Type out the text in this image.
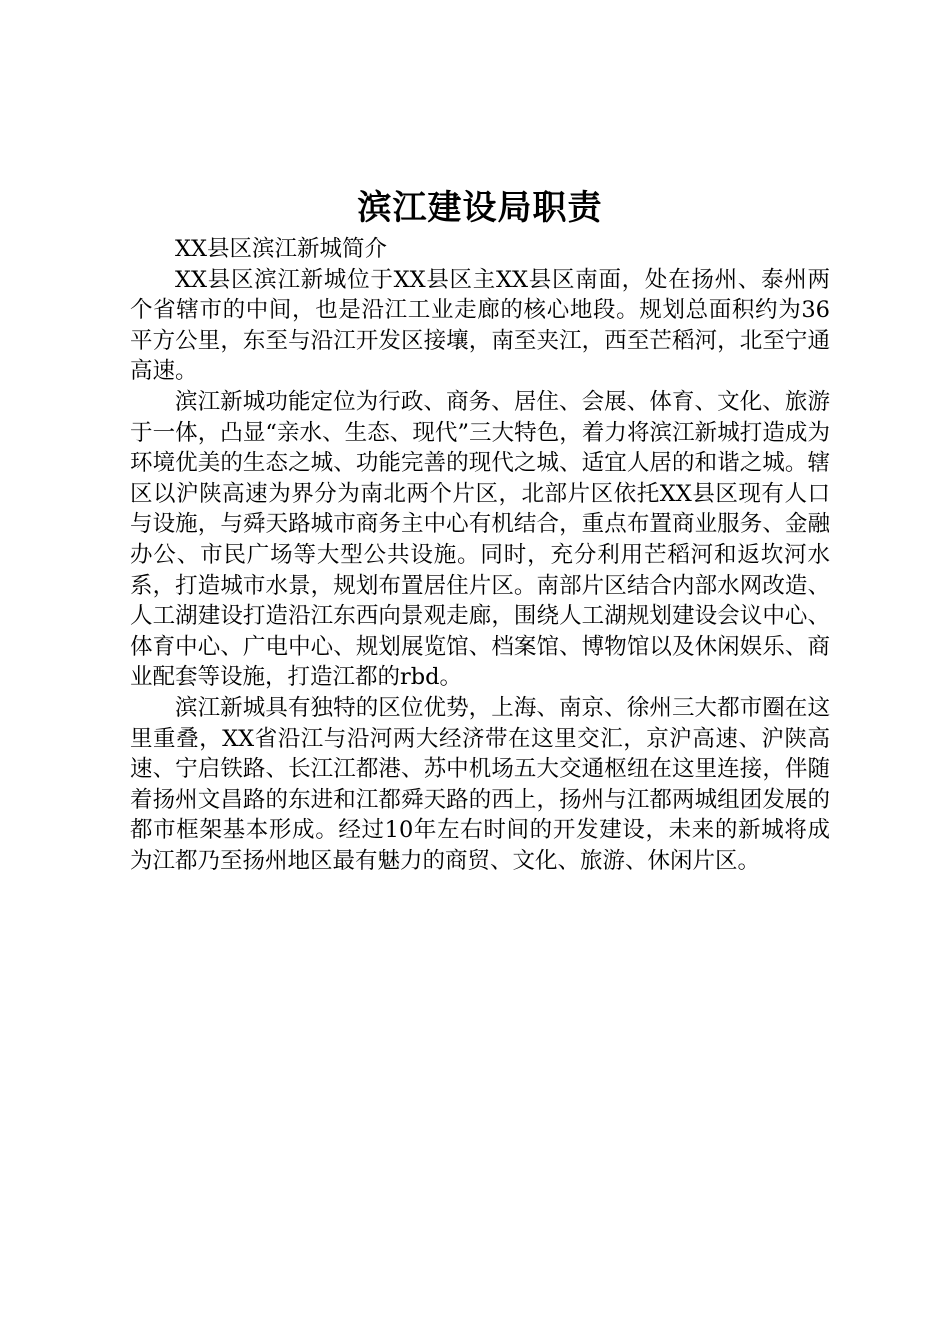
滨江建设局职责

XX县区滨江新城简介

XX县区滨江新城位于XX县区主XX县区南面，处在扬州、泰州两个省辖市的中间，也是沿江工业走廊的核心地段。规划总面积约为36平方公里，东至与沿江开发区接壤，南至夹江，西至芒稻河，北至宁通高速。

滨江新城功能定位为行政、商务、居住、会展、体育、文化、旅游于一体，凸显“亲水、生态、现代”三大特色，着力将滨江新城打造成为环境优美的生态之城、功能完善的现代之城、适宜人居的和谐之城。辖区以沪陕高速为界分为南北两个片区，北部片区依托XX县区现有人口与设施，与舜天路城市商务主中心有机结合，重点布置商业服务、金融办公、市民广场等大型公共设施。同时，充分利用芒稻河和返坎河水系，打造城市水景，规划布置居住片区。南部片区结合内部水网改造、人工湖建设打造沿江东西向景观走廊，围绕人工湖规划建设会议中心、体育中心、广电中心、规划展览馆、档案馆、博物馆以及休闲娱乐、商业配套等设施，打造江都的rbd。

滨江新城具有独特的区位优势，上海、南京、徐州三大都市圈在这里重叠，XX省沿江与沿河两大经济带在这里交汇，京沪高速、沪陕高速、宁启铁路、长江江都港、苏中机场五大交通枢纽在这里连接，伴随着扬州文昌路的东进和江都舜天路的西上，扬州与江都两城组团发展的都市框架基本形成。经过10年左右时间的开发建设，未来的新城将成为江都乃至扬州地区最有魅力的商贸、文化、旅游、休闲片区。
